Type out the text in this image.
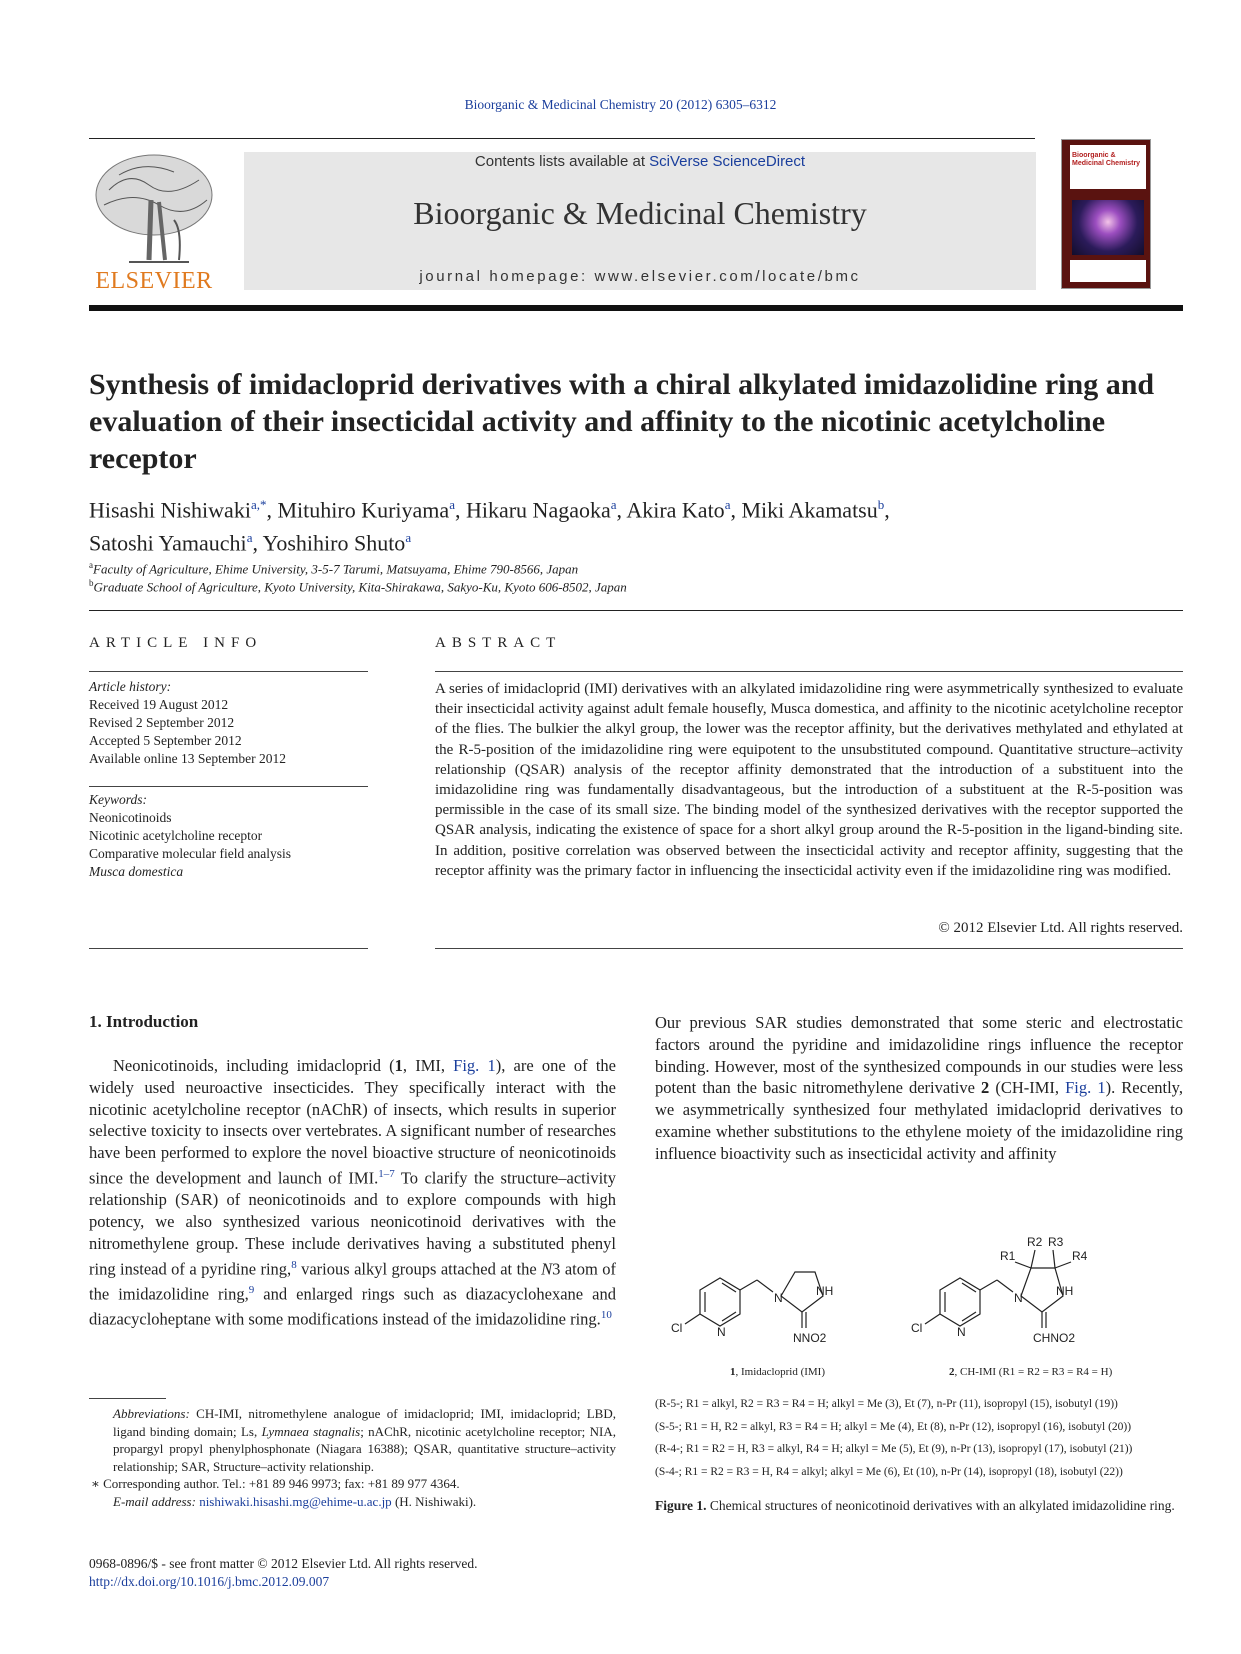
Bioorganic & Medicinal Chemistry 20 (2012) 6305–6312
ELSEVIER
Contents lists available at SciVerse ScienceDirect
Bioorganic & Medicinal Chemistry
journal homepage: www.elsevier.com/locate/bmc
Bioorganic & Medicinal Chemistry
Synthesis of imidacloprid derivatives with a chiral alkylated imidazolidine ring and evaluation of their insecticidal activity and affinity to the nicotinic acetylcholine receptor
Hisashi Nishiwaki$^{a,*}$, Mituhiro Kuriyama$^a$, Hikaru Nagaoka$^a$, Akira Kato$^a$, Miki Akamatsu$^b$,
Satoshi Yamauchi$^a$, Yoshihiro Shuto$^a$
$^a$Faculty of Agriculture, Ehime University, 3-5-7 Tarumi, Matsuyama, Ehime 790-8566, Japan
$^b$Graduate School of Agriculture, Kyoto University, Kita-Shirakawa, Sakyo-Ku, Kyoto 606-8502, Japan
ARTICLE INFO
Article history:
Received 19 August 2012
Revised 2 September 2012
Accepted 5 September 2012
Available online 13 September 2012
Keywords:
Neonicotinoids
Nicotinic acetylcholine receptor
Comparative molecular field analysis
Musca domestica
ABSTRACT
A series of imidacloprid (IMI) derivatives with an alkylated imidazolidine ring were asymmetrically synthesized to evaluate their insecticidal activity against adult female housefly, Musca domestica, and affinity to the nicotinic acetylcholine receptor of the flies. The bulkier the alkyl group, the lower was the receptor affinity, but the derivatives methylated and ethylated at the R-5-position of the imidazolidine ring were equipotent to the unsubstituted compound. Quantitative structure–activity relationship (QSAR) analysis of the receptor affinity demonstrated that the introduction of a substituent into the imidazolidine ring was fundamentally disadvantageous, but the introduction of a substituent at the R-5-position was permissible in the case of its small size. The binding model of the synthesized derivatives with the receptor supported the QSAR analysis, indicating the existence of space for a short alkyl group around the R-5-position in the ligand-binding site. In addition, positive correlation was observed between the insecticidal activity and receptor affinity, suggesting that the receptor affinity was the primary factor in influencing the insecticidal activity even if the imidazolidine ring was modified.
© 2012 Elsevier Ltd. All rights reserved.
1. Introduction
Neonicotinoids, including imidacloprid (1, IMI, Fig. 1), are one of the widely used neuroactive insecticides. They specifically interact with the nicotinic acetylcholine receptor (nAChR) of insects, which results in superior selective toxicity to insects over vertebrates. A significant number of researches have been performed to explore the novel bioactive structure of neonicotinoids since the development and launch of IMI.$^{1-7}$ To clarify the structure–activity relationship (SAR) of neonicotinoids and to explore compounds with high potency, we also synthesized various neonicotinoid derivatives with the nitromethylene group. These include derivatives having a substituted phenyl ring instead of a pyridine ring,$^8$ various alkyl groups attached at the N3 atom of the imidazolidine ring,$^9$ and enlarged rings such as diazacyclohexane and diazacycloheptane with some modifications instead of the imidazolidine ring.$^{10}$
Our previous SAR studies demonstrated that some steric and electrostatic factors around the pyridine and imidazolidine rings influence the receptor binding. However, most of the synthesized compounds in our studies were less potent than the basic nitromethylene derivative 2 (CH-IMI, Fig. 1). Recently, we asymmetrically synthesized four methylated imidacloprid derivatives to examine whether substitutions to the ethylene moiety of the imidazolidine ring influence bioactivity such as insecticidal activity and affinity
Abbreviations: CH-IMI, nitromethylene analogue of imidacloprid; IMI, imidacloprid; LBD, ligand binding domain; Ls, Lymnaea stagnalis; nAChR, nicotinic acetylcholine receptor; NIA, propargyl propyl phenylphosphonate (Niagara 16388); QSAR, quantitative structure–activity relationship; SAR, Structure–activity relationship.
∗ Corresponding author. Tel.: +81 89 946 9973; fax: +81 89 977 4364.
E-mail address: nishiwaki.hisashi.mg@ehime-u.ac.jp (H. Nishiwaki).
0968-0896/$ - see front matter © 2012 Elsevier Ltd. All rights reserved.
http://dx.doi.org/10.1016/j.bmc.2012.09.007
Cl	N
N	NH
NNO2
Cl	N
N	NH
CHNO2
R1
R2 R3
R4
1, Imidacloprid (IMI)	2, CH-IMI (R1 = R2 = R3 = R4 = H)
(R-5-; R1 = alkyl, R2 = R3 = R4 = H; alkyl = Me (3), Et (7), n-Pr (11), isopropyl (15), isobutyl (19))
(S-5-; R1 = H, R2 = alkyl, R3 = R4 = H; alkyl = Me (4), Et (8), n-Pr (12), isopropyl (16), isobutyl (20))
(R-4-; R1 = R2 = H, R3 = alkyl, R4 = H; alkyl = Me (5), Et (9), n-Pr (13), isopropyl (17), isobutyl (21))
(S-4-; R1 = R2 = R3 = H, R4 = alkyl; alkyl = Me (6), Et (10), n-Pr (14), isopropyl (18), isobutyl (22))
Figure 1. Chemical structures of neonicotinoid derivatives with an alkylated imidazolidine ring.
